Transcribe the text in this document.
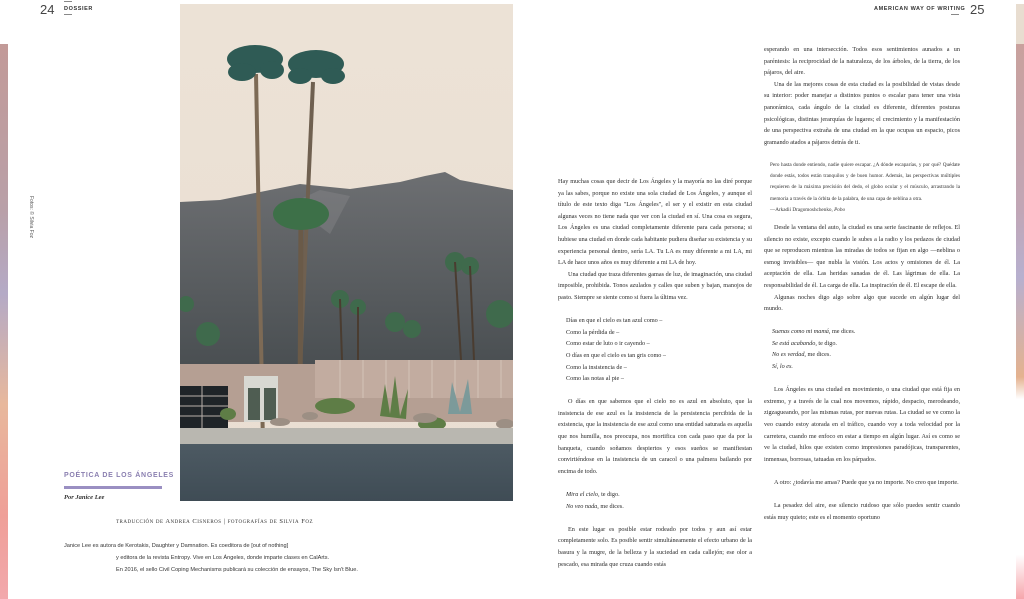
24 DOSSIER	AMERICAN WAY OF WRITING 25
Fotos: © Silvia Foz
POÉTICA DE LOS ÁNGELES
Por Janice Lee
traducción de Andrea Cisneros | fotografías de Silvia Foz
Janice Lee es autora de Kerotakis, Daughter y Damnation. Es coeditora de [out of nothing]
y editora de la revista Entropy. Vive en Los Ángeles, donde imparte clases en CalArts.
En 2016, el sello Civil Coping Mechanisms publicará su colección de ensayos, The Sky Isn't Blue.

Hay muchas cosas que decir de Los Ángeles y la mayoría no las diré porque ya las sabes, porque no existe una sola ciudad de Los Ángeles, y aunque el título de este texto diga "Los Ángeles", el ser y el existir en esta ciudad algunas veces no tiene nada que ver con la ciudad en sí. Una cosa es segura, Los Ángeles es una ciudad completamente diferente para cada persona; si hubiese una ciudad en donde cada habitante pudiera diseñar su existencia y su experiencia personal dentro, sería LA. Tu LA es muy diferente a mi LA, mi LA de hace unos años es muy diferente a mi LA de hoy.

Una ciudad que traza diferentes gamas de luz, de imaginación, una ciudad imposible, prohibida. Tonos azulados y calles que suben y bajan, manojos de pasto. Siempre se siente como si fuera la última vez.

Días en que el cielo es tan azul como –
Como la pérdida de –
Como estar de luto o ir cayendo –
O días en que el cielo es tan gris como –
Como la insistencia de –
Como las notas al pie –

O días en que sabemos que el cielo no es azul en absoluto, que la insistencia de ese azul es la insistencia de la persistencia percibida de la existencia, que la insistencia de ese azul como una entidad saturada es aquella que nos humilla, nos preocupa, nos mortifica con cada paso que da por la banqueta, cuando soñamos despiertos y esos sueños se manifiestan convirtiéndose en la insistencia de un caracol o una palmera bailando por encima de todo.

Mira el cielo, te digo.
No veo nada, me dices.

En este lugar es posible estar rodeado por todos y aun así estar completamente solo. Es posible sentir simultáneamente el efecto urbano de la basura y la mugre, de la belleza y la suciedad en cada callejón; ese olor a pescado, esa mirada que cruza cuando estás

esperando en una intersección. Todos esos sentimientos aunados a un paréntesis: la reciprocidad de la naturaleza, de los árboles, de la tierra, de los pájaros, del aire.

Una de las mejores cosas de esta ciudad es la posibilidad de vistas desde su interior: poder manejar a distintos puntos o escalar para tener una vista panorámica, cada ángulo de la ciudad es diferente, diferentes posturas psicológicas, distintas jerarquías de lugares; el crecimiento y la manifestación de una perspectiva extraña de una ciudad en la que ocupas un espacio, picos gramando atados a pájaros detrás de ti.

Pero hasta donde entiendo, nadie quiere escapar. ¿A dónde escaparías, y por qué? Quédate donde estás, todos están tranquilos y de buen humor. Además, las perspectivas múltiples requieren de la máxima precisión del dedo, el globo ocular y el músculo, arrastrando la memoria a través de la órbita de la palabra, de una capa de neblina a otra.

—Arkadii Dragomoshchenko, Pobo

Desde la ventana del auto, la ciudad es una serie fascinante de reflejos. El silencio no existe, excepto cuando le subes a la radio y los pedazos de ciudad que se reproducen mientras las miradas de todos se fijan en algo —neblina o esmog invisibles— que nubla la visión. Los actos y omisiones de él. La aceptación de ella. Las heridas sanadas de él. Las lágrimas de ella. La responsabilidad de él. La carga de ella. La inspiración de él. El escape de ella.

Algunas noches digo algo sobre algo que sucede en algún lugar del mundo.

Suenas como mi mamá, me dices.
Se está acabando, te digo.
No es verdad, me dices.
Sí, lo es.

Los Ángeles es una ciudad en movimiento, o una ciudad que está fija en extremo, y a través de la cual nos movemos, rápido, despacio, merodeando, zigzagueando, por las mismas rutas, por nuevas rutas. La ciudad se ve como la veo cuando estoy atorada en el tráfico, cuando voy a toda velocidad por la carretera, cuando me enfoco en estar a tiempo en algún lugar. Así es como se ve la ciudad, hilos que existen como impresiones paradójicas, transparentes, inmensas, borrosas, tatuadas en los párpados.

A otro: ¿todavía me amas? Puede que ya no importe. No creo que importe.

La pesadez del aire, ese silencio ruidoso que sólo puedes sentir cuando estás muy quieto; este es el momento oportuno
